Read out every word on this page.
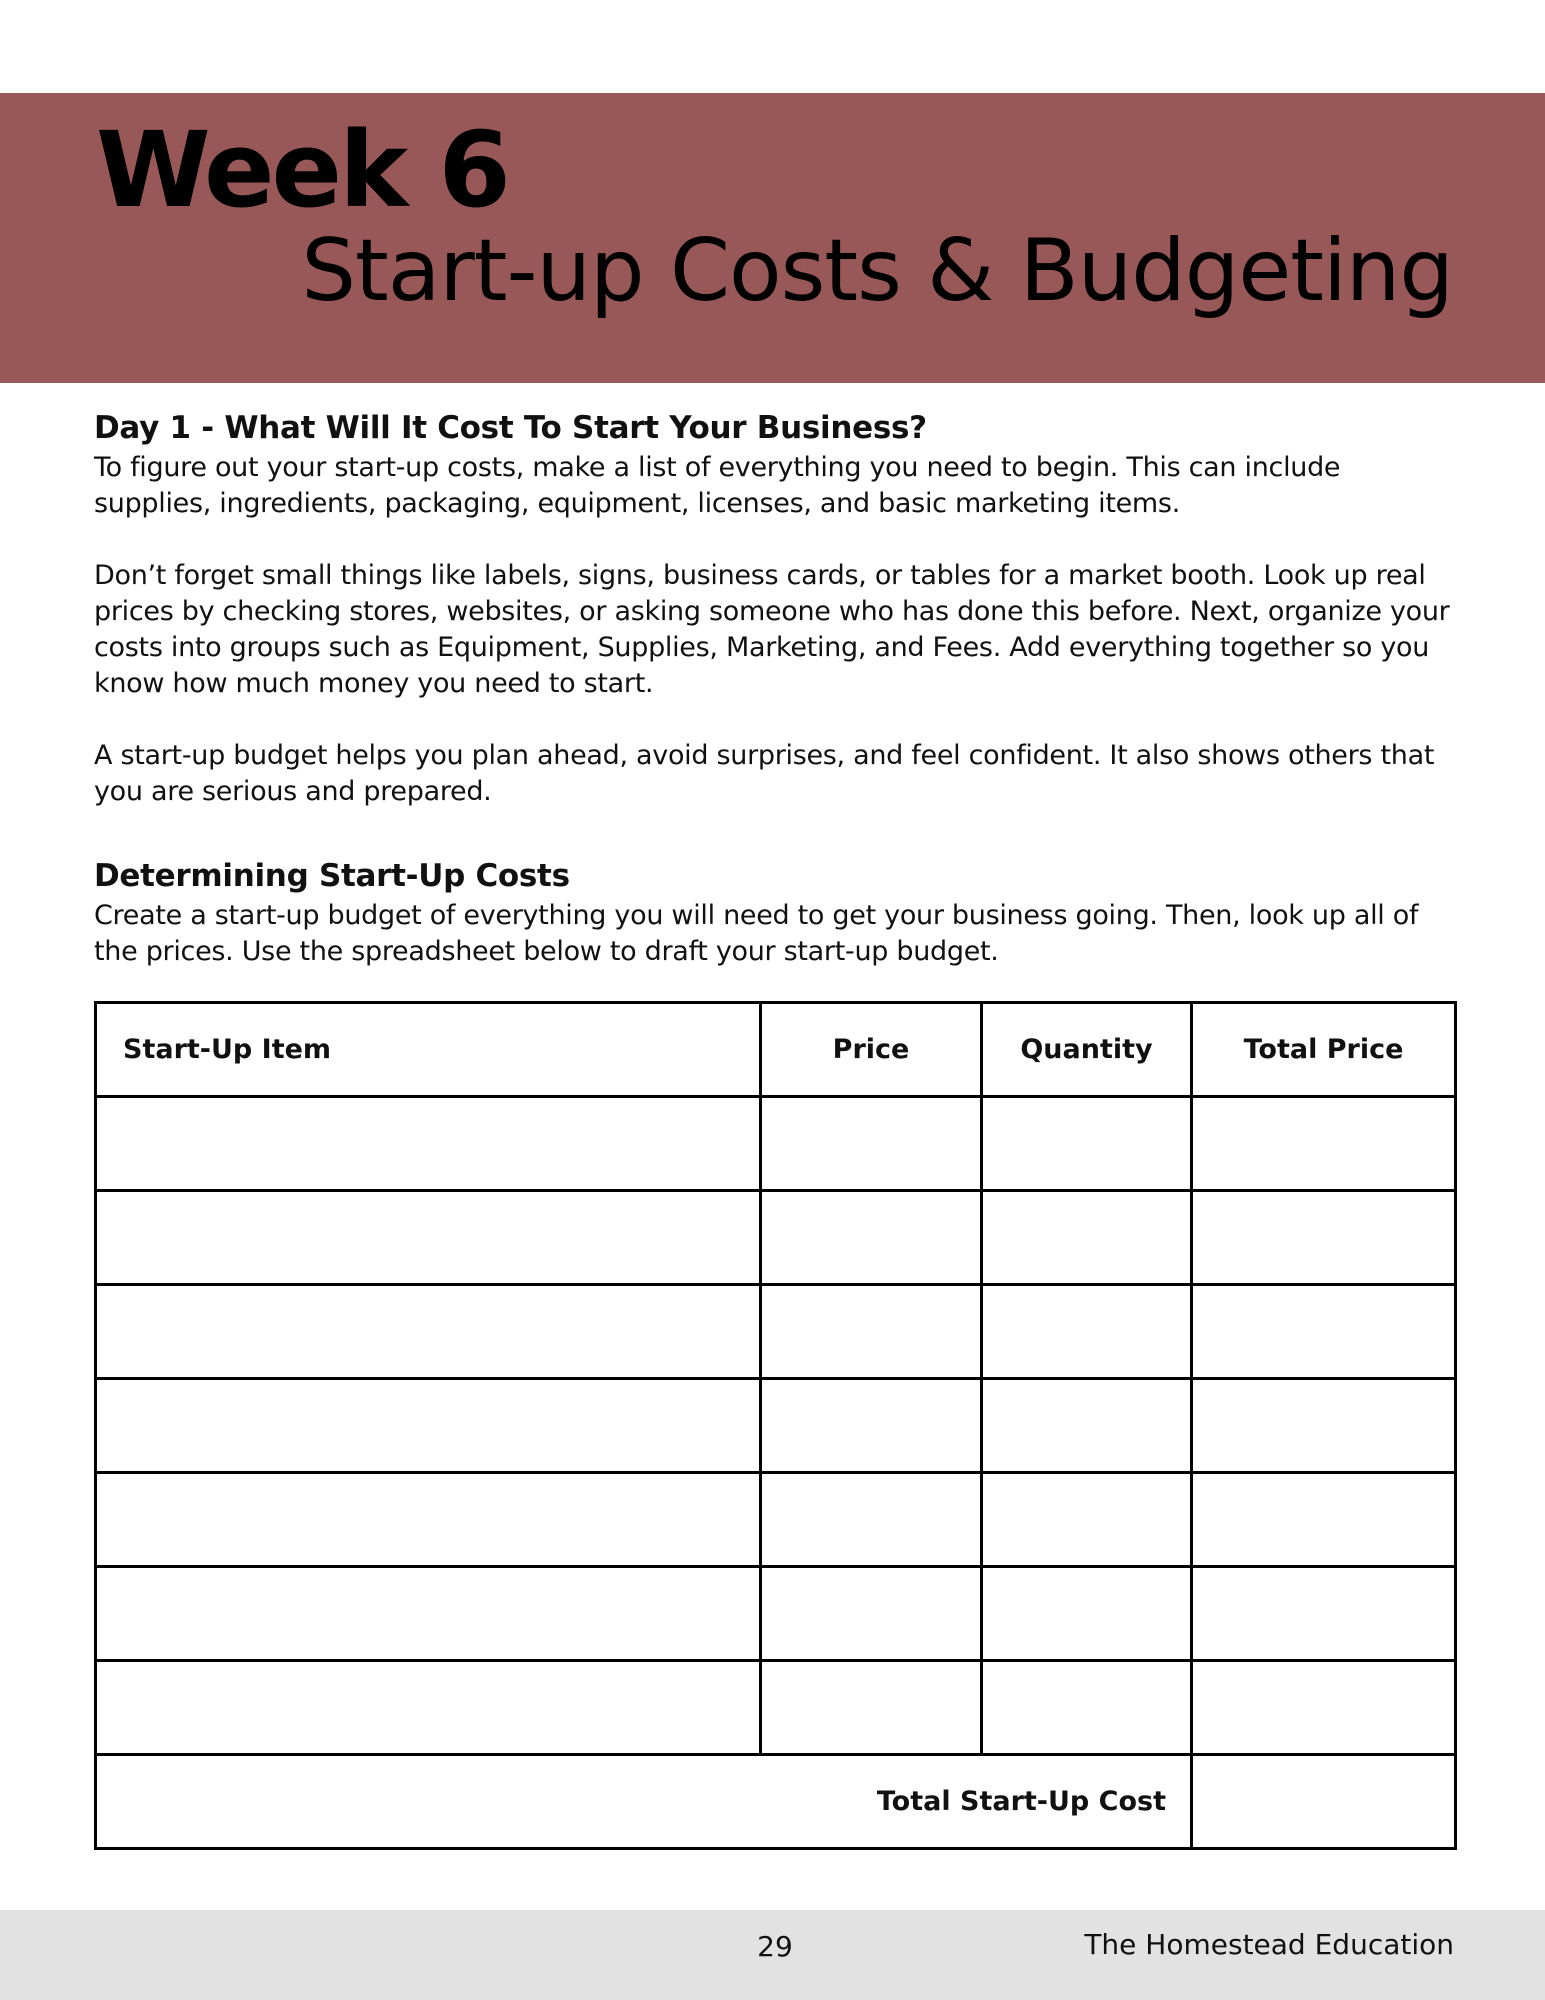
Week 6
Start-up Costs & Budgeting
Day 1 - What Will It Cost To Start Your Business?

To figure out your start-up costs, make a list of everything you need to begin. This can include supplies, ingredients, packaging, equipment, licenses, and basic marketing items.

Don’t forget small things like labels, signs, business cards, or tables for a market booth. Look up real prices by checking stores, websites, or asking someone who has done this before. Next, organize your costs into groups such as Equipment, Supplies, Marketing, and Fees. Add everything together so you know how much money you need to start.

A start-up budget helps you plan ahead, avoid surprises, and feel confident. It also shows others that you are serious and prepared.

Determining Start-Up Costs

Create a start-up budget of everything you will need to get your business going. Then, look up all of the prices. Use the spreadsheet below to draft your start-up budget.

Start-Up Item	Price	Quantity	Total Price

Total Start-Up Cost			
29	The Homestead Education
